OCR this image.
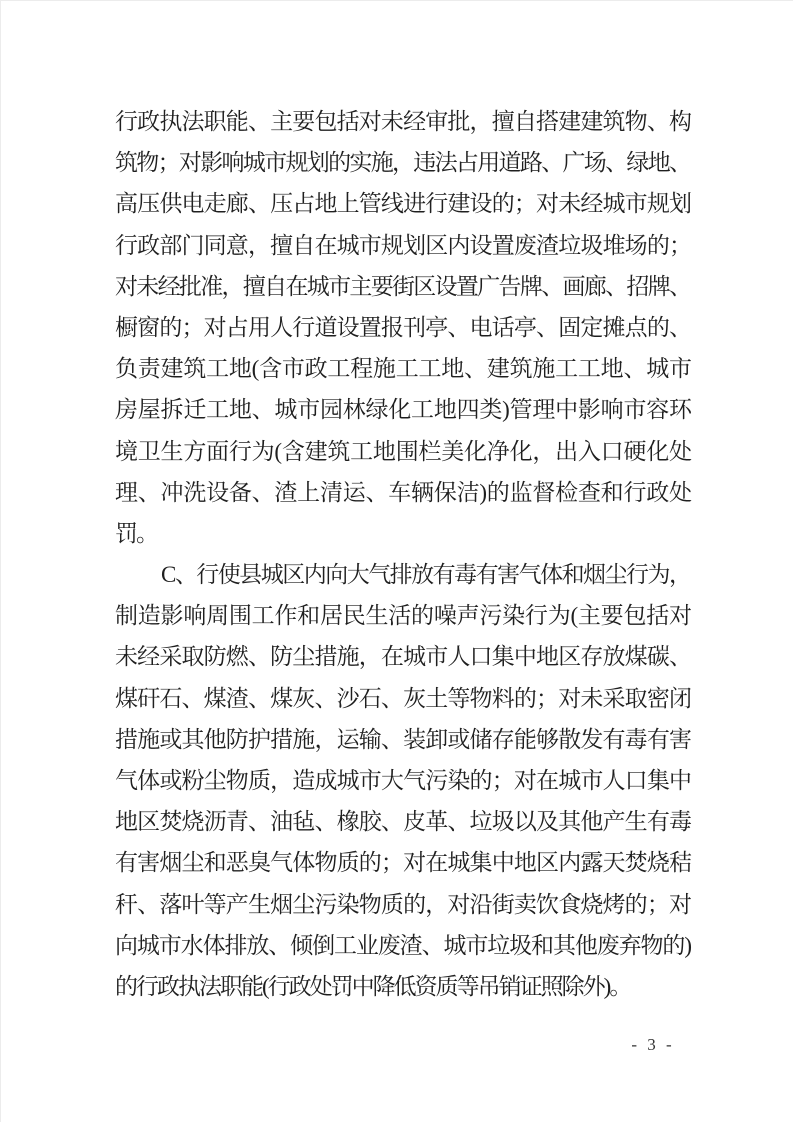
行政执法职能、主要包括对未经审批，擅自搭建建筑物、构
筑物；对影响城市规划的实施，违法占用道路、广场、绿地、
高压供电走廊、压占地上管线进行建设的；对未经城市规划
行政部门同意，擅自在城市规划区内设置废渣垃圾堆场的；
对未经批准，擅自在城市主要街区设置广告牌、画廊、招牌、
橱窗的；对占用人行道设置报刊亭、电话亭、固定摊点的、
负责建筑工地(含市政工程施工工地、建筑施工工地、城市
房屋拆迁工地、城市园林绿化工地四类)管理中影响市容环
境卫生方面行为(含建筑工地围栏美化净化，出入口硬化处
理、冲洗设备、渣上清运、车辆保洁)的监督检查和行政处
罚。
C、行使县城区内向大气排放有毒有害气体和烟尘行为，
制造影响周围工作和居民生活的噪声污染行为(主要包括对
未经采取防燃、防尘措施，在城市人口集中地区存放煤碳、
煤矸石、煤渣、煤灰、沙石、灰土等物料的；对未采取密闭
措施或其他防护措施，运输、装卸或储存能够散发有毒有害
气体或粉尘物质，造成城市大气污染的；对在城市人口集中
地区焚烧沥青、油毡、橡胶、皮革、垃圾以及其他产生有毒
有害烟尘和恶臭气体物质的；对在城集中地区内露天焚烧秸
秆、落叶等产生烟尘污染物质的，对沿街卖饮食烧烤的；对
向城市水体排放、倾倒工业废渣、城市垃圾和其他废弃物的)
的行政执法职能(行政处罚中降低资质等吊销证照除外)。
- 3 -
